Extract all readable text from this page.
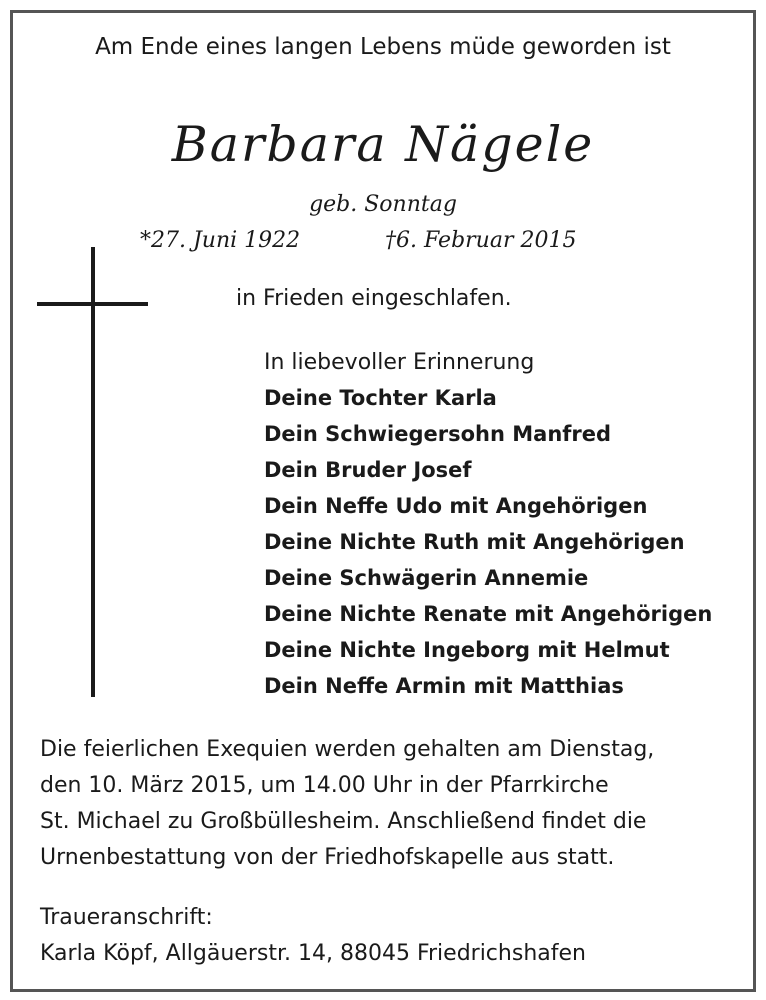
Am Ende eines langen Lebens müde geworden ist
Barbara Nägele
geb. Sonntag
*27. Juni 1922	†6. Februar 2015
in Frieden eingeschlafen.
In liebevoller Erinnerung
Deine Tochter Karla
Dein Schwiegersohn Manfred
Dein Bruder Josef
Dein Neffe Udo mit Angehörigen
Deine Nichte Ruth mit Angehörigen
Deine Schwägerin Annemie
Deine Nichte Renate mit Angehörigen
Deine Nichte Ingeborg mit Helmut
Dein Neffe Armin mit Matthias
Die feierlichen Exequien werden gehalten am Dienstag,
den 10. März 2015, um 14.00 Uhr in der Pfarrkirche
St. Michael zu Großbüllesheim. Anschließend findet die
Urnenbestattung von der Friedhofskapelle aus statt.
Traueranschrift:
Karla Köpf, Allgäuerstr. 14, 88045 Friedrichshafen
